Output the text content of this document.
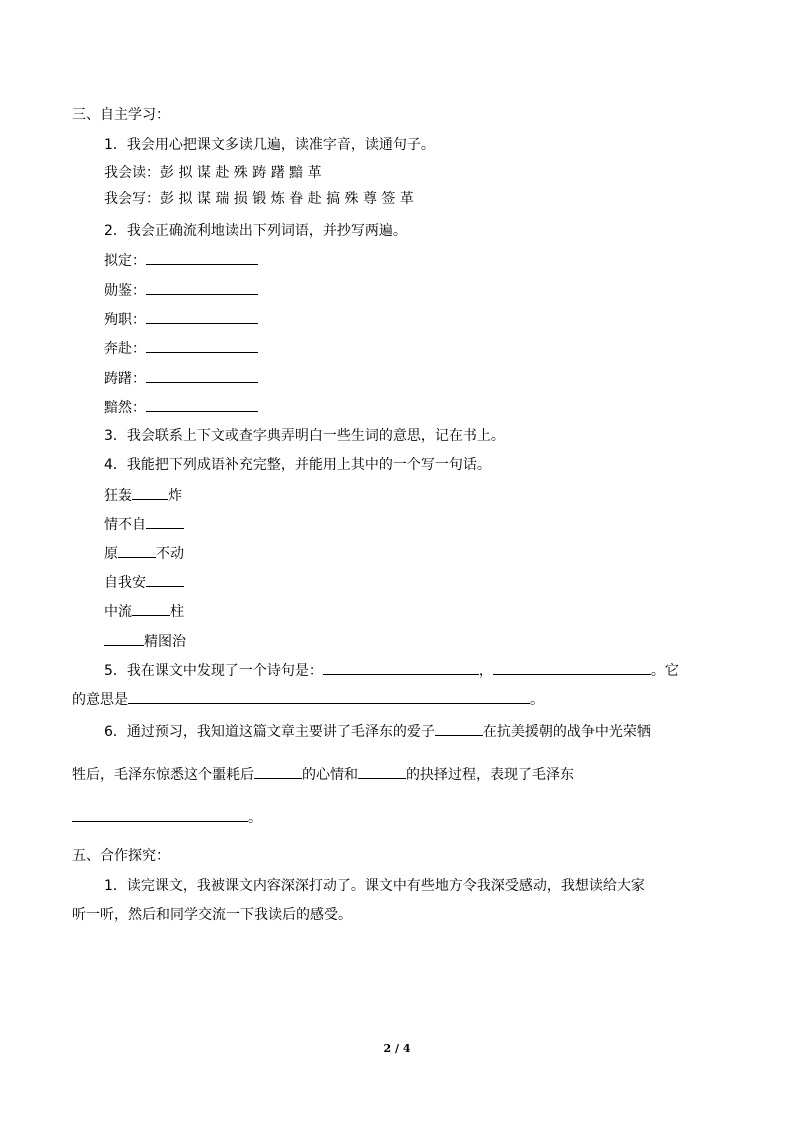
三、自主学习：
1．我会用心把课文多读几遍，读准字音，读通句子。
我会读：彭 拟 谋 赴 殊 踌 躇 黯 革
我会写：彭 拟 谋 瑞 损 锻 炼 眷 赴 搞 殊 尊 签 革
2．我会正确流利地读出下列词语，并抄写两遍。
拟定：
勋鉴：
殉职：
奔赴：
踌躇：
黯然：
3．我会联系上下文或查字典弄明白一些生词的意思，记在书上。
4．我能把下列成语补充完整，并能用上其中的一个写一句话。
狂轰	炸
情不自
原	不动
自我安
中流	柱
精图治
5．我在课文中发现了一个诗句是：	，	。它
的意思是	。
6．通过预习，我知道这篇文章主要讲了毛泽东的爱子	在抗美援朝的战争中光荣牺
牲后，毛泽东惊悉这个噩耗后	的心情和	的抉择过程，表现了毛泽东
。
五、合作探究：
1．读完课文，我被课文内容深深打动了。课文中有些地方令我深受感动，我想读给大家
听一听，然后和同学交流一下我读后的感受。
2 / 4
